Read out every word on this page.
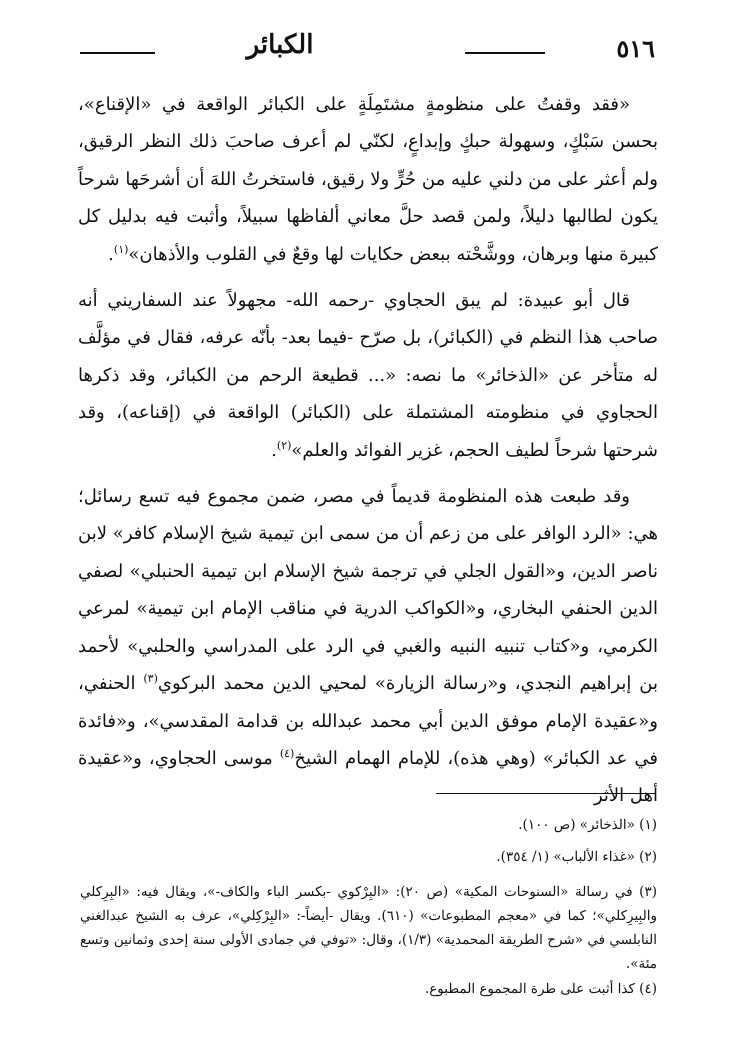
٥١٦
الكبائر

«فقد وقفتُ على منظومةٍ مشتَمِلَةٍ على الكبائر الواقعة في «الإقناع»، بحسن سَبْكٍ، وسهولة حبكٍ وإبداعٍ، لكنّي لم أعرف صاحبَ ذلك النظر الرقيق، ولم أعثر على من دلني عليه من حُرٍّ ولا رقيق، فاستخرتُ اللهَ أن أشرحَها شرحاً يكون لطالبها دليلاً، ولمن قصد حلَّ معاني ألفاظها سبيلاً، وأثبت فيه بدليل كل كبيرة منها وبرهان، ووشَّحْته ببعض حكايات لها وقعٌ في القلوب والأذهان»$^{(١)}$.

قال أبو عبيدة: لم يبق الحجاوي -رحمه الله- مجهولاً عند السفاريني أنه صاحب هذا النظم في (الكبائر)، بل صرّح -فيما بعد- بأنّه عرفه، فقال في مؤلَّف له متأخر عن «الذخائر» ما نصه: «... قطيعة الرحم من الكبائر، وقد ذكرها الحجاوي في منظومته المشتملة على (الكبائر) الواقعة في (إقناعه)، وقد شرحتها شرحاً لطيف الحجم، غزير الفوائد والعلم»$^{(٢)}$.

وقد طبعت هذه المنظومة قديماً في مصر، ضمن مجموع فيه تسع رسائل؛ هي: «الرد الوافر على من زعم أن من سمى ابن تيمية شيخ الإسلام كافر» لابن ناصر الدين، و«القول الجلي في ترجمة شيخ الإسلام ابن تيمية الحنبلي» لصفي الدين الحنفي البخاري، و«الكواكب الدرية في مناقب الإمام ابن تيمية» لمرعي الكرمي، و«كتاب تنبيه النبيه والغبي في الرد على المدراسي والحلبي» لأحمد بن إبراهيم النجدي، و«رسالة الزيارة» لمحيي الدين محمد البركوي$^{(٣)}$ الحنفي، و«عقيدة الإمام موفق الدين أبي محمد عبدالله بن قدامة المقدسي»، و«فائدة في عد الكبائر» (وهي هذه)، للإمام الهمام الشيخ$^{(٤)}$ موسى الحجاوي، و«عقيدة أهل الأثر

(١) «الذخائر» (ص ١٠٠).

(٢) «غذاء الألباب» (١/ ٣٥٤).

(٣) في رسالة «السنوحات المكية» (ص ٢٠): «البِرْكوي -بكسر الباء والكاف-»، ويقال فيه: «البِرِكلي والبِيرِكلي»؛ كما في «معجم المطبوعات» (٦١٠). ويقال -أيضاً-: «البِرْكِلي»، عرف به الشيخ عبدالغني النابلسي في «شرح الطريقة المحمدية» (١/٣)، وقال: «توفي في جمادى الأولى سنة إحدى وثمانين وتسع مئة».

(٤) كذا أثبت على طرة المجموع المطبوع.
